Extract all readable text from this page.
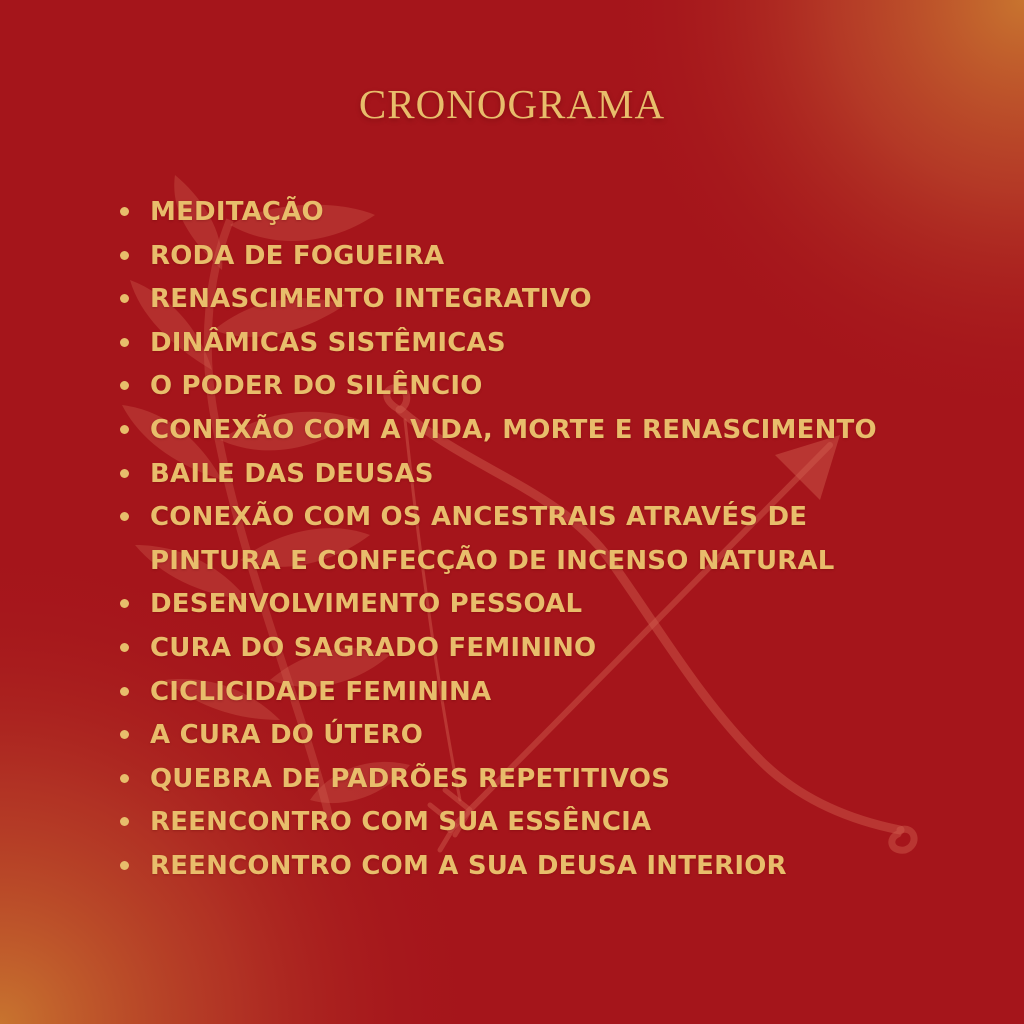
CRONOGRAMA
MEDITAÇÃO
RODA DE FOGUEIRA
RENASCIMENTO INTEGRATIVO
DINÂMICAS SISTÊMICAS
O PODER DO SILÊNCIO
CONEXÃO COM A VIDA, MORTE E RENASCIMENTO
BAILE DAS DEUSAS
CONEXÃO COM OS ANCESTRAIS ATRAVÉS DE
PINTURA E CONFECÇÃO DE INCENSO NATURAL
DESENVOLVIMENTO PESSOAL
CURA DO SAGRADO FEMININO
CICLICIDADE FEMININA
A CURA DO ÚTERO
QUEBRA DE PADRÕES REPETITIVOS
REENCONTRO COM SUA ESSÊNCIA
REENCONTRO COM A SUA DEUSA INTERIOR
